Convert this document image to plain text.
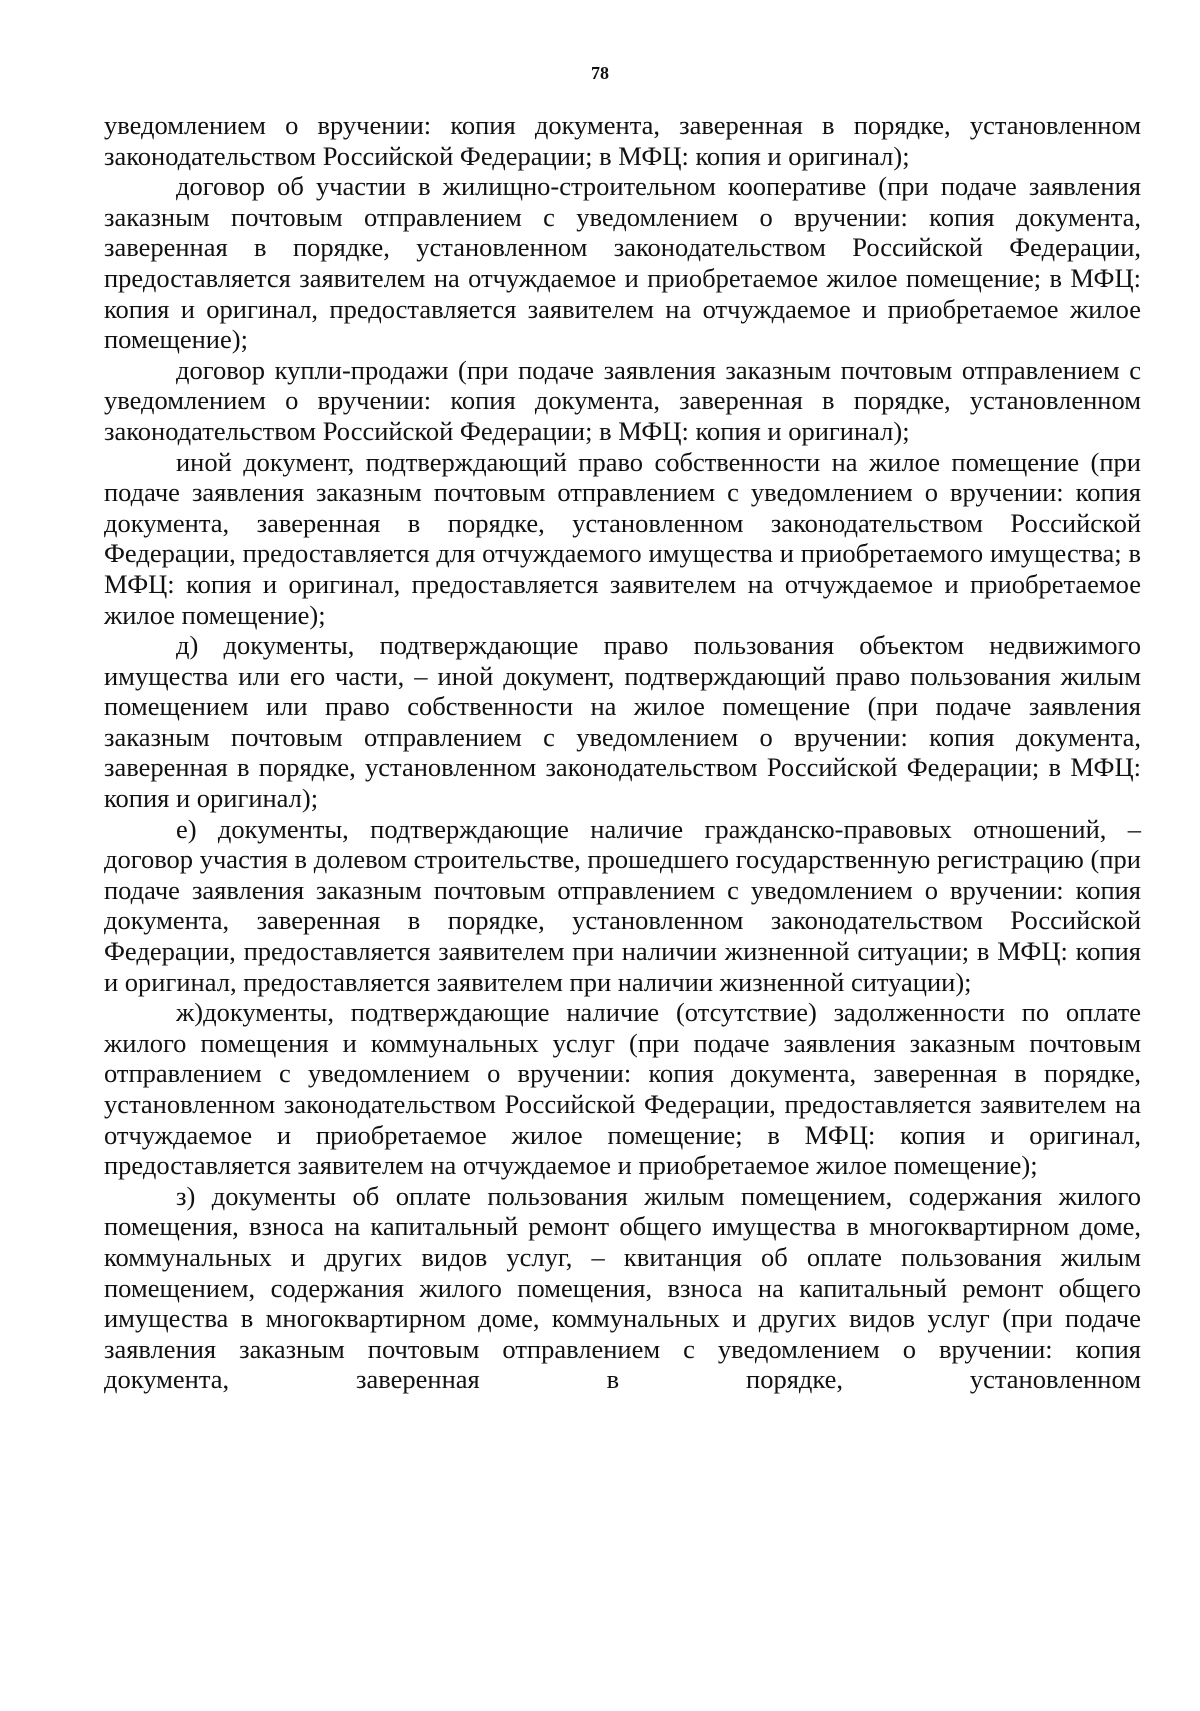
78

уведомлением о вручении: копия документа, заверенная в порядке, установленном законодательством Российской Федерации; в МФЦ: копия и оригинал);

договор об участии в жилищно-строительном кооперативе (при подаче заявления заказным почтовым отправлением с уведомлением о вручении: копия документа, заверенная в порядке, установленном законодательством Российской Федерации, предоставляется заявителем на отчуждаемое и приобретаемое жилое помещение; в МФЦ: копия и оригинал, предоставляется заявителем на отчуждаемое и приобретаемое жилое помещение);

договор купли-продажи (при подаче заявления заказным почтовым отправлением с уведомлением о вручении: копия документа, заверенная в порядке, установленном законодательством Российской Федерации; в МФЦ: копия и оригинал);

иной документ, подтверждающий право собственности на жилое помещение (при подаче заявления заказным почтовым отправлением с уведомлением о вручении: копия документа, заверенная в порядке, установленном законодательством Российской Федерации, предоставляется для отчуждаемого имущества и приобретаемого имущества; в МФЦ: копия и оригинал, предоставляется заявителем на отчуждаемое и приобретаемое жилое помещение);

д) документы, подтверждающие право пользования объектом недвижимого имущества или его части, – иной документ, подтверждающий право пользования жилым помещением или право собственности на жилое помещение (при подаче заявления заказным почтовым отправлением с уведомлением о вручении: копия документа, заверенная в порядке, установленном законодательством Российской Федерации; в МФЦ: копия и оригинал);

е) документы, подтверждающие наличие гражданско-правовых отношений, – договор участия в долевом строительстве, прошедшего государственную регистрацию (при подаче заявления заказным почтовым отправлением с уведомлением о вручении: копия документа, заверенная в порядке, установленном законодательством Российской Федерации, предоставляется заявителем при наличии жизненной ситуации; в МФЦ: копия и оригинал, предоставляется заявителем при наличии жизненной ситуации);

ж)документы, подтверждающие наличие (отсутствие) задолженности по оплате жилого помещения и коммунальных услуг (при подаче заявления заказным почтовым отправлением с уведомлением о вручении: копия документа, заверенная в порядке, установленном законодательством Российской Федерации, предоставляется заявителем на отчуждаемое и приобретаемое жилое помещение; в МФЦ: копия и оригинал, предоставляется заявителем на отчуждаемое и приобретаемое жилое помещение);

з) документы об оплате пользования жилым помещением, содержания жилого помещения, взноса на капитальный ремонт общего имущества в многоквартирном доме, коммунальных и других видов услуг, – квитанция об оплате пользования жилым помещением, содержания жилого помещения, взноса на капитальный ремонт общего имущества в многоквартирном доме, коммунальных и других видов услуг (при подаче заявления заказным почтовым отправлением с уведомлением о вручении: копия документа, заверенная в порядке, установленном
